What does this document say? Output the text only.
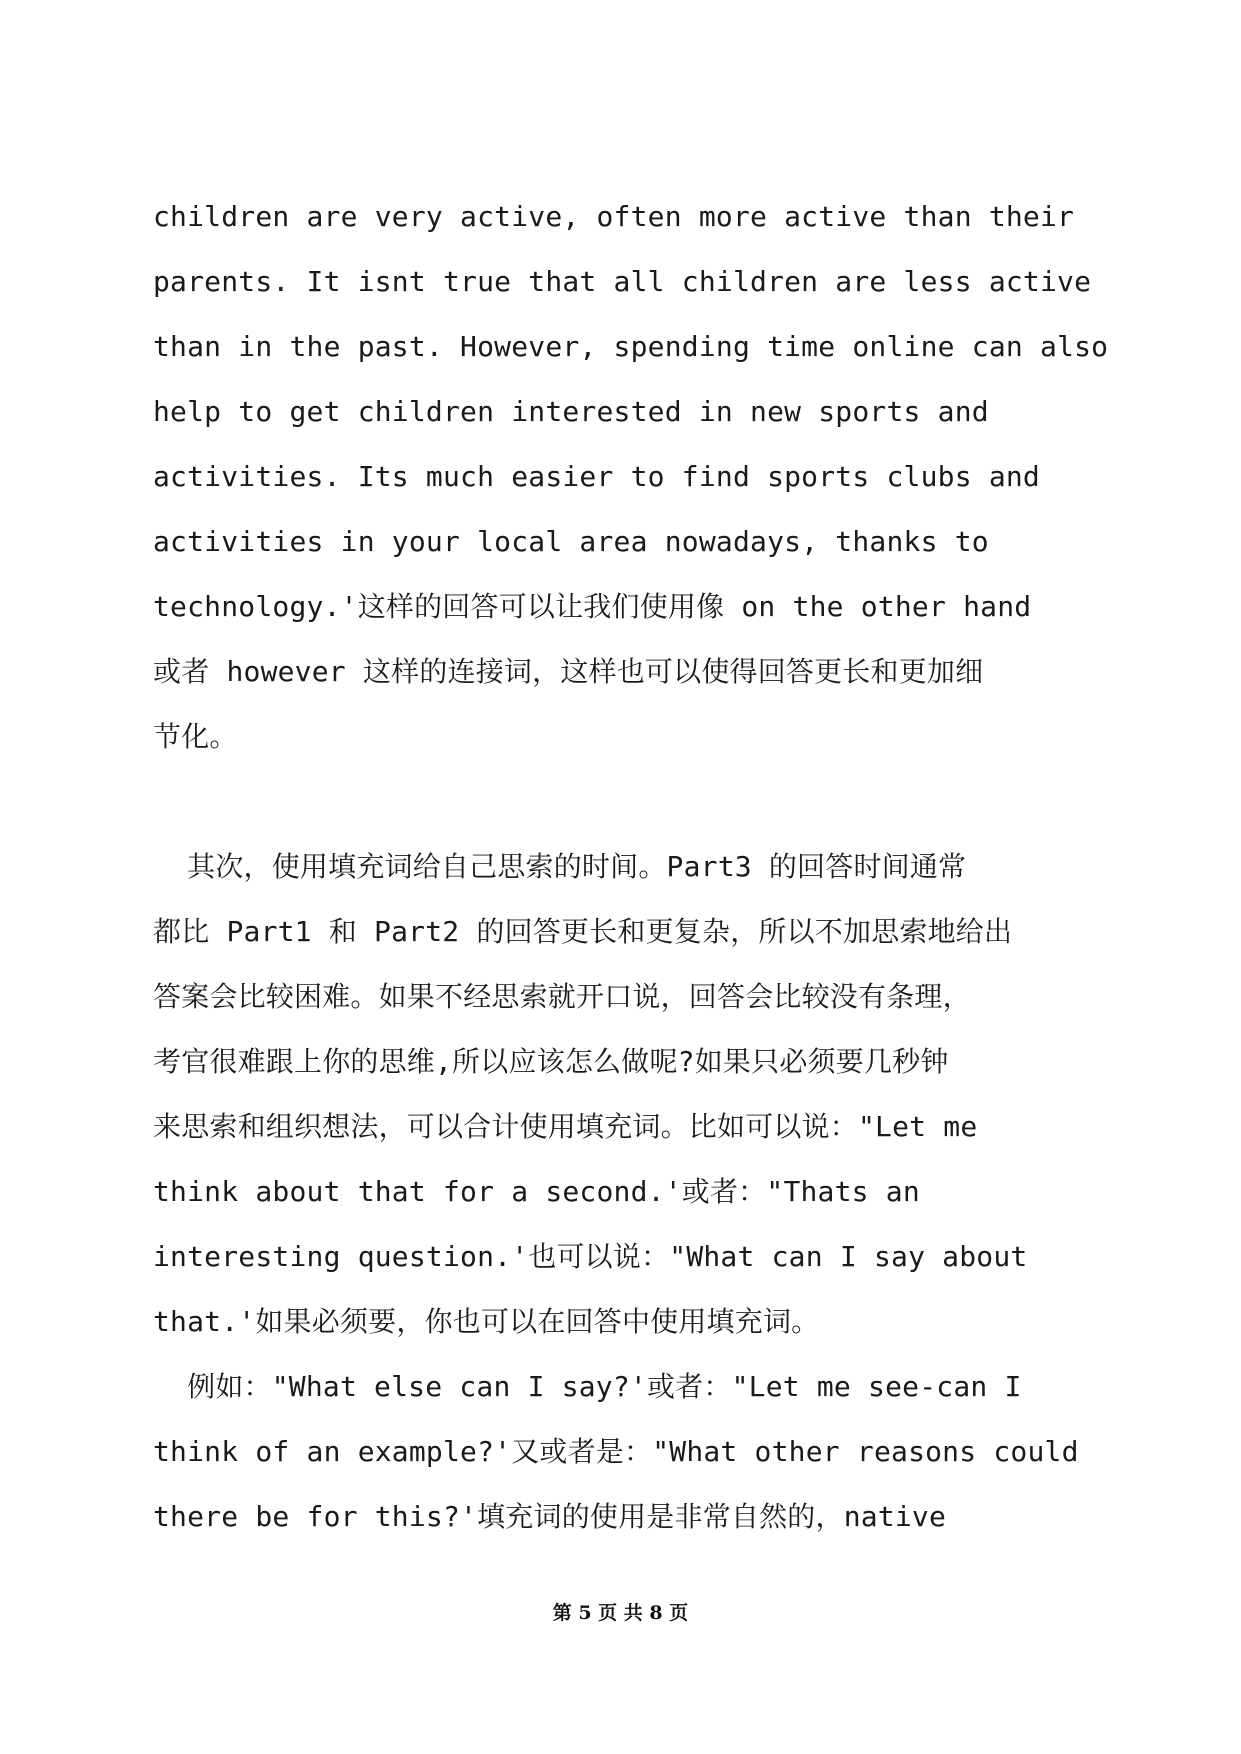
children are very active, often more active than their
parents. It isnt true that all children are less active
than in the past. However, spending time online can also
help to get children interested in new sports and
activities. Its much easier to find sports clubs and
activities in your local area nowadays, thanks to
technology.'这样的回答可以让我们使用像 on the other hand
或者 however 这样的连接词，这样也可以使得回答更长和更加细
节化。
其次，使用填充词给自己思索的时间。Part3 的回答时间通常
都比 Part1 和 Part2 的回答更长和更复杂，所以不加思索地给出
答案会比较困难。如果不经思索就开口说，回答会比较没有条理，
考官很难跟上你的思维,所以应该怎么做呢?如果只必须要几秒钟
来思索和组织想法，可以合计使用填充词。比如可以说："Let me
think about that for a second.'或者："Thats an
interesting question.'也可以说："What can I say about
that.'如果必须要，你也可以在回答中使用填充词。
例如："What else can I say?'或者："Let me see-can I
think of an example?'又或者是："What other reasons could
there be for this?'填充词的使用是非常自然的，native
第 5 页 共 8 页
